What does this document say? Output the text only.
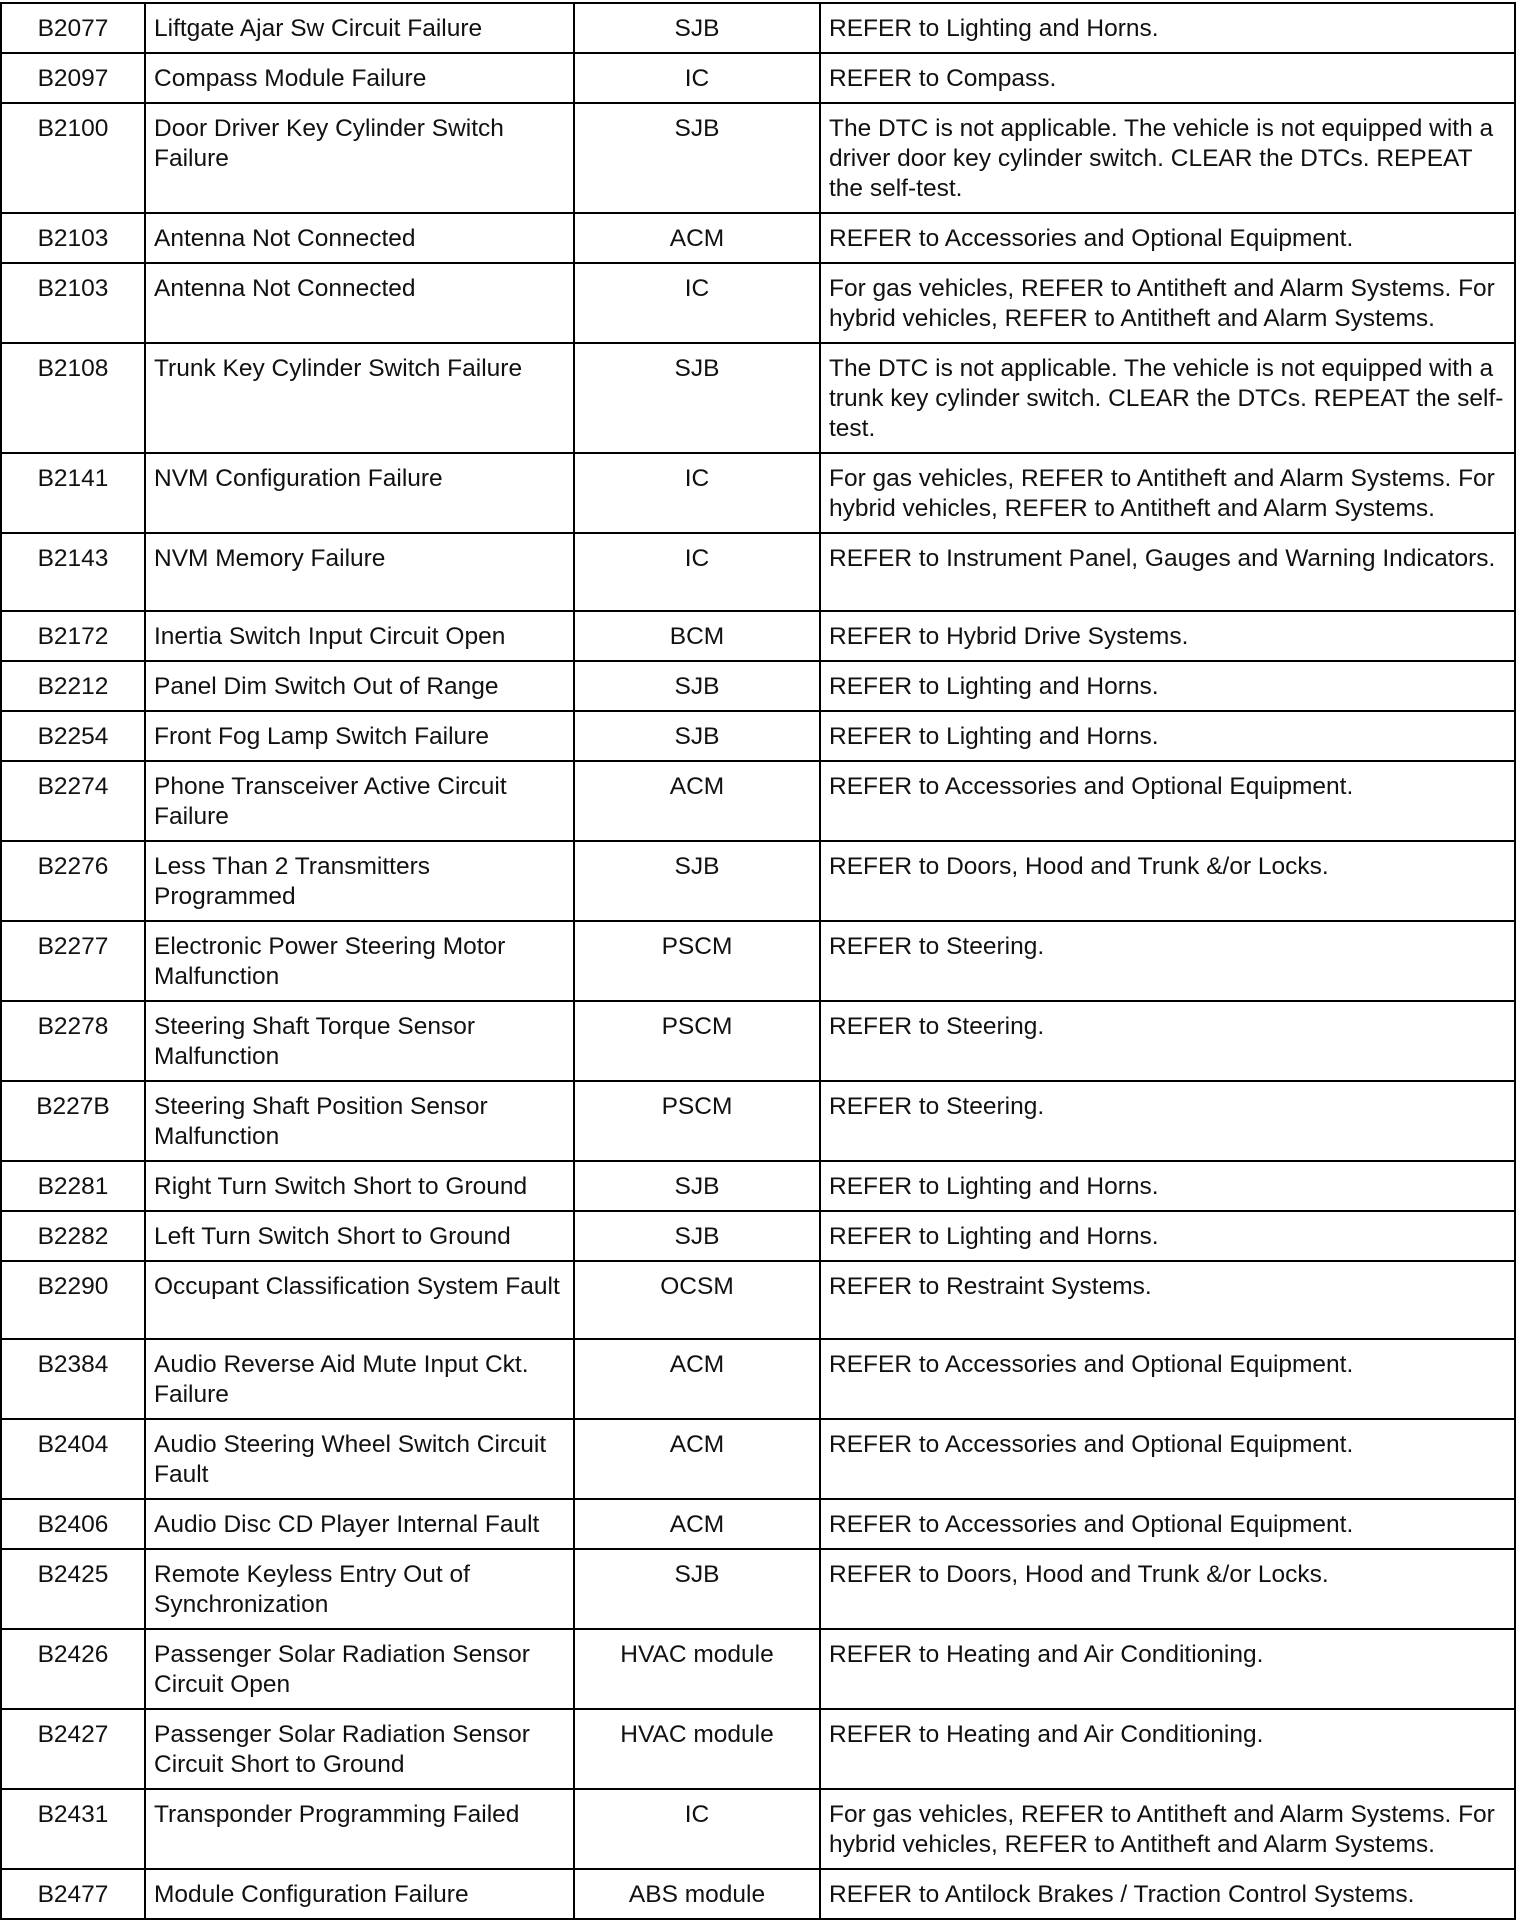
B2077	Liftgate Ajar Sw Circuit Failure	SJB	REFER to Lighting and Horns.
B2097	Compass Module Failure	IC	REFER to Compass.
B2100	Door Driver Key Cylinder Switch Failure	SJB	The DTC is not applicable. The vehicle is not equipped with a driver door key cylinder switch. CLEAR the DTCs. REPEAT the self-test.
B2103	Antenna Not Connected	ACM	REFER to Accessories and Optional Equipment.
B2103	Antenna Not Connected	IC	For gas vehicles, REFER to Antitheft and Alarm Systems. For hybrid vehicles, REFER to Antitheft and Alarm Systems.
B2108	Trunk Key Cylinder Switch Failure	SJB	The DTC is not applicable. The vehicle is not equipped with a trunk key cylinder switch. CLEAR the DTCs. REPEAT the self-test.
B2141	NVM Configuration Failure	IC	For gas vehicles, REFER to Antitheft and Alarm Systems. For hybrid vehicles, REFER to Antitheft and Alarm Systems.
B2143	NVM Memory Failure	IC	REFER to Instrument Panel, Gauges and Warning Indicators.
B2172	Inertia Switch Input Circuit Open	BCM	REFER to Hybrid Drive Systems.
B2212	Panel Dim Switch Out of Range	SJB	REFER to Lighting and Horns.
B2254	Front Fog Lamp Switch Failure	SJB	REFER to Lighting and Horns.
B2274	Phone Transceiver Active Circuit Failure	ACM	REFER to Accessories and Optional Equipment.
B2276	Less Than 2 Transmitters Programmed	SJB	REFER to Doors, Hood and Trunk &/or Locks.
B2277	Electronic Power Steering Motor Malfunction	PSCM	REFER to Steering.
B2278	Steering Shaft Torque Sensor Malfunction	PSCM	REFER to Steering.
B227B	Steering Shaft Position Sensor Malfunction	PSCM	REFER to Steering.
B2281	Right Turn Switch Short to Ground	SJB	REFER to Lighting and Horns.
B2282	Left Turn Switch Short to Ground	SJB	REFER to Lighting and Horns.
B2290	Occupant Classification System Fault	OCSM	REFER to Restraint Systems.
B2384	Audio Reverse Aid Mute Input Ckt. Failure	ACM	REFER to Accessories and Optional Equipment.
B2404	Audio Steering Wheel Switch Circuit Fault	ACM	REFER to Accessories and Optional Equipment.
B2406	Audio Disc CD Player Internal Fault	ACM	REFER to Accessories and Optional Equipment.
B2425	Remote Keyless Entry Out of Synchronization	SJB	REFER to Doors, Hood and Trunk &/or Locks.
B2426	Passenger Solar Radiation Sensor Circuit Open	HVAC module	REFER to Heating and Air Conditioning.
B2427	Passenger Solar Radiation Sensor Circuit Short to Ground	HVAC module	REFER to Heating and Air Conditioning.
B2431	Transponder Programming Failed	IC	For gas vehicles, REFER to Antitheft and Alarm Systems. For hybrid vehicles, REFER to Antitheft and Alarm Systems.
B2477	Module Configuration Failure	ABS module	REFER to Antilock Brakes / Traction Control Systems.
